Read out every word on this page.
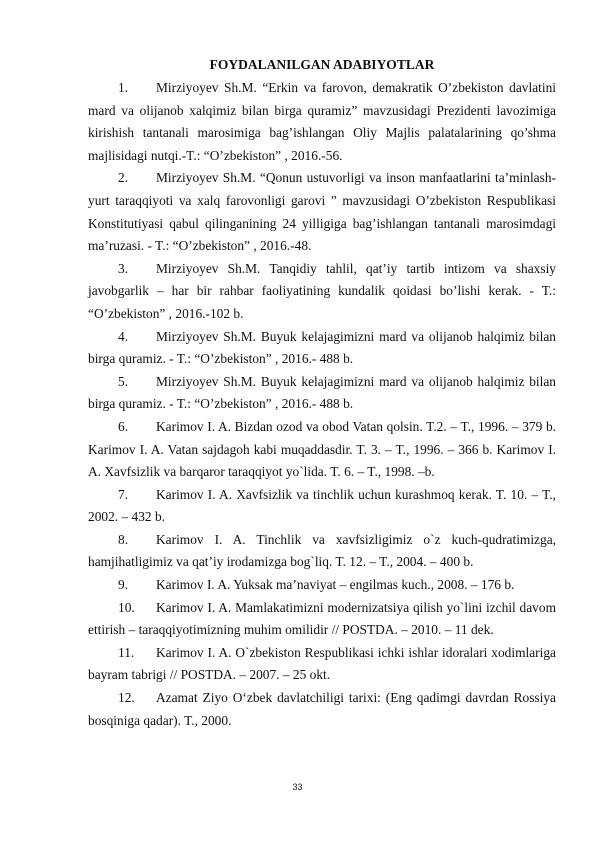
FOYDALANILGAN ADABIYOTLAR
1. Mirziyoyev Sh.M. “Erkin va farovon, demakratik O’zbekiston davlatini mard va olijanob xalqimiz bilan birga quramiz” mavzusidagi Prezidenti lavozimiga kirishish tantanali marosimiga bag’ishlangan Oliy Majlis palatalarining qo’shma majlisidagi nutqi.-T.: “O’zbekiston” , 2016.-56.
2. Mirziyoyev Sh.M. “Qonun ustuvorligi va inson manfaatlarini ta’minlash-yurt taraqqiyoti va xalq farovonligi garovi ” mavzusidagi O’zbekiston Respublikasi Konstitutiyasi qabul qilinganining 24 yilligiga bag’ishlangan tantanali marosimdagi ma’ruzasi. - T.: “O’zbekiston” , 2016.-48.
3. Mirziyoyev Sh.M. Tanqidiy tahlil, qat’iy tartib intizom va shaxsiy javobgarlik – har bir rahbar faoliyatining kundalik qoidasi bo’lishi kerak. - T.: “O’zbekiston” , 2016.-102 b.
4. Mirziyoyev Sh.M. Buyuk kelajagimizni mard va olijanob halqimiz bilan birga quramiz. - T.: “O’zbekiston” , 2016.- 488 b.
5. Mirziyoyev Sh.M. Buyuk kelajagimizni mard va olijanob halqimiz bilan birga quramiz. - T.: “O’zbekiston” , 2016.- 488 b.
6. Karimov I. A. Bizdan ozod va obod Vatan qolsin. T.2. – T., 1996. – 379 b. Karimov I. A. Vatan sajdagoh kabi muqaddasdir. T. 3. – T., 1996. – 366 b. Karimov I. A. Xavfsizlik va barqaror taraqqiyot yo`lida. T. 6. – T., 1998. –b.
7. Karimov I. A. Xavfsizlik va tinchlik uchun kurashmoq kerak. T. 10. – T., 2002. – 432 b.
8. Karimov I. A. Tinchlik va xavfsizligimiz o`z kuch-qudratimizga, hamjihatligimiz va qat’iy irodamizga bog`liq. T. 12. – T., 2004. – 400 b.
9. Karimov I. A. Yuksak ma’naviyat – engilmas kuch., 2008. – 176 b.
10. Karimov I. A. Mamlakatimizni modernizatsiya qilish yo`lini izchil davom ettirish – taraqqiyotimizning muhim omilidir // POSTDA. – 2010. – 11 dek.
11. Karimov I. A. O`zbekiston Respublikasi ichki ishlar idoralari xodimlariga bayram tabrigi // POSTDA. – 2007. – 25 okt.
12. Azamat Ziyo O‘zbek davlatchiligi tarixi: (Eng qadimgi davrdan Rossiya bosqiniga qadar). T., 2000.
33
